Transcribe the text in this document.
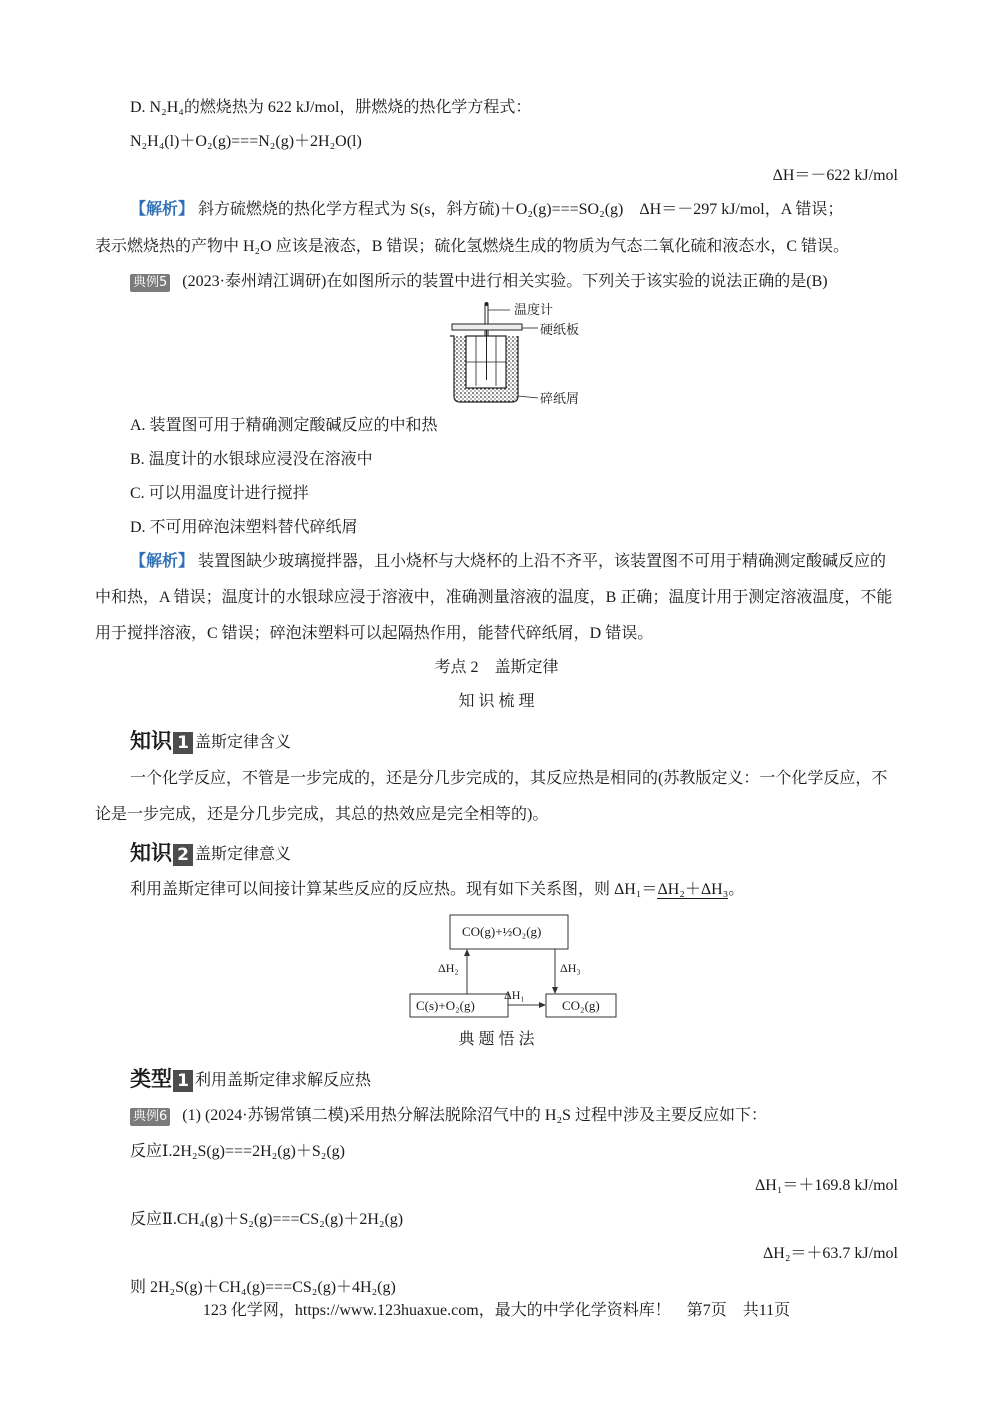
D. N₂H₄的燃烧热为 622 kJ/mol，肼燃烧的热化学方程式：
N₂H₄(l)＋O₂(g)===N₂(g)＋2H₂O(l)
ΔH＝－622 kJ/mol
【解析】 斜方硫燃烧的热化学方程式为 S(s，斜方硫)＋O₂(g)===SO₂(g)　ΔH＝－297 kJ/mol，A 错误；
表示燃烧热的产物中 H₂O 应该是液态，B 错误；硫化氢燃烧生成的物质为气态二氧化硫和液态水，C 错误。
典例5 (2023·泰州靖江调研)在如图所示的装置中进行相关实验。下列关于该实验的说法正确的是(B)
温度计
硬纸板
碎纸屑
A. 装置图可用于精确测定酸碱反应的中和热
B. 温度计的水银球应浸没在溶液中
C. 可以用温度计进行搅拌
D. 不可用碎泡沫塑料替代碎纸屑
【解析】 装置图缺少玻璃搅拌器，且小烧杯与大烧杯的上沿不齐平，该装置图不可用于精确测定酸碱反应的中和热，A 错误；温度计的水银球应浸于溶液中，准确测量溶液的温度，B 正确；温度计用于测定溶液温度，不能用于搅拌溶液，C 错误；碎泡沫塑料可以起隔热作用，能替代碎纸屑，D 错误。
考点 2　盖斯定律
知 识 梳 理
知识 1 盖斯定律含义
一个化学反应，不管是一步完成的，还是分几步完成的，其反应热是相同的(苏教版定义：一个化学反应，不论是一步完成，还是分几步完成，其总的热效应是完全相等的)。
知识 2 盖斯定律意义
利用盖斯定律可以间接计算某些反应的反应热。现有如下关系图，则 ΔH₁＝ΔH₂＋ΔH₃。
CO(g)+½O₂(g)
C(s)+O₂(g)	CO₂(g)
ΔH₂	ΔH₃
ΔH₁
典 题 悟 法
类型 1 利用盖斯定律求解反应热
典例6 (1) (2024·苏锡常镇二模)采用热分解法脱除沼气中的 H₂S 过程中涉及主要反应如下：
反应Ⅰ.2H₂S(g)===2H₂(g)＋S₂(g)
ΔH₁＝＋169.8 kJ/mol
反应Ⅱ.CH₄(g)＋S₂(g)===CS₂(g)＋2H₂(g)
ΔH₂＝＋63.7 kJ/mol
则 2H₂S(g)＋CH₄(g)===CS₂(g)＋4H₂(g)
123 化学网，https://www.123huaxue.com，最大的中学化学资料库！　第7页　共11页
